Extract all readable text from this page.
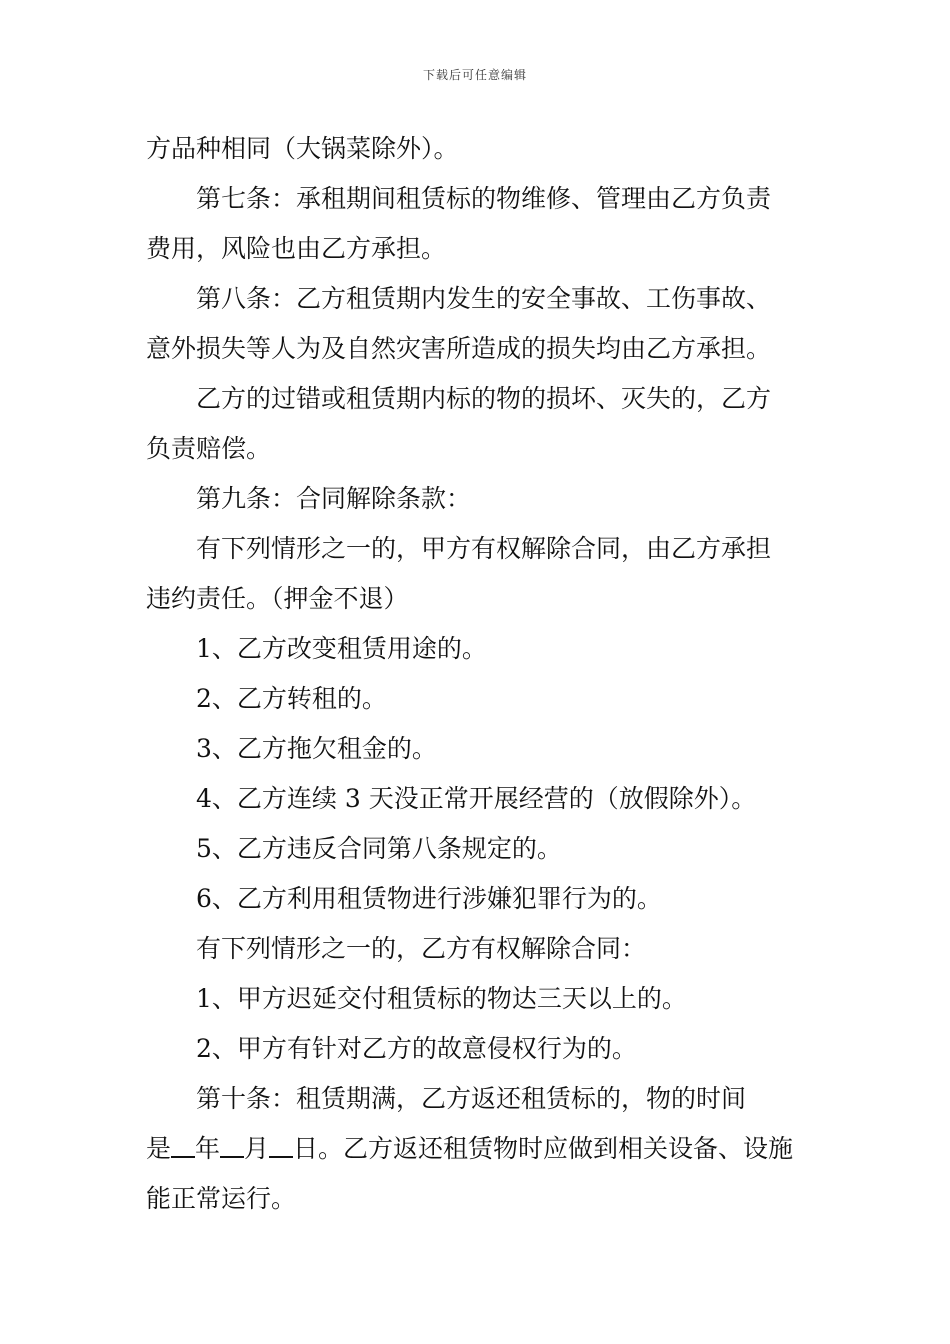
下载后可任意编辑

方品种相同（大锅菜除外）。

第七条：承租期间租赁标的物维修、管理由乙方负责

费用，风险也由乙方承担。

第八条：乙方租赁期内发生的安全事故、工伤事故、

意外损失等人为及自然灾害所造成的损失均由乙方承担。

乙方的过错或租赁期内标的物的损坏、灭失的，乙方

负责赔偿。

第九条：合同解除条款：

有下列情形之一的，甲方有权解除合同，由乙方承担

违约责任。（押金不退）

1、乙方改变租赁用途的。

2、乙方转租的。

3、乙方拖欠租金的。

4、乙方连续 3 天没正常开展经营的（放假除外）。

5、乙方违反合同第八条规定的。

6、乙方利用租赁物进行涉嫌犯罪行为的。

有下列情形之一的，乙方有权解除合同：

1、甲方迟延交付租赁标的物达三天以上的。

2、甲方有针对乙方的故意侵权行为的。

第十条：租赁期满，乙方返还租赁标的，物的时间

是 年 月 日。乙方返还租赁物时应做到相关设备、设施

能正常运行。
